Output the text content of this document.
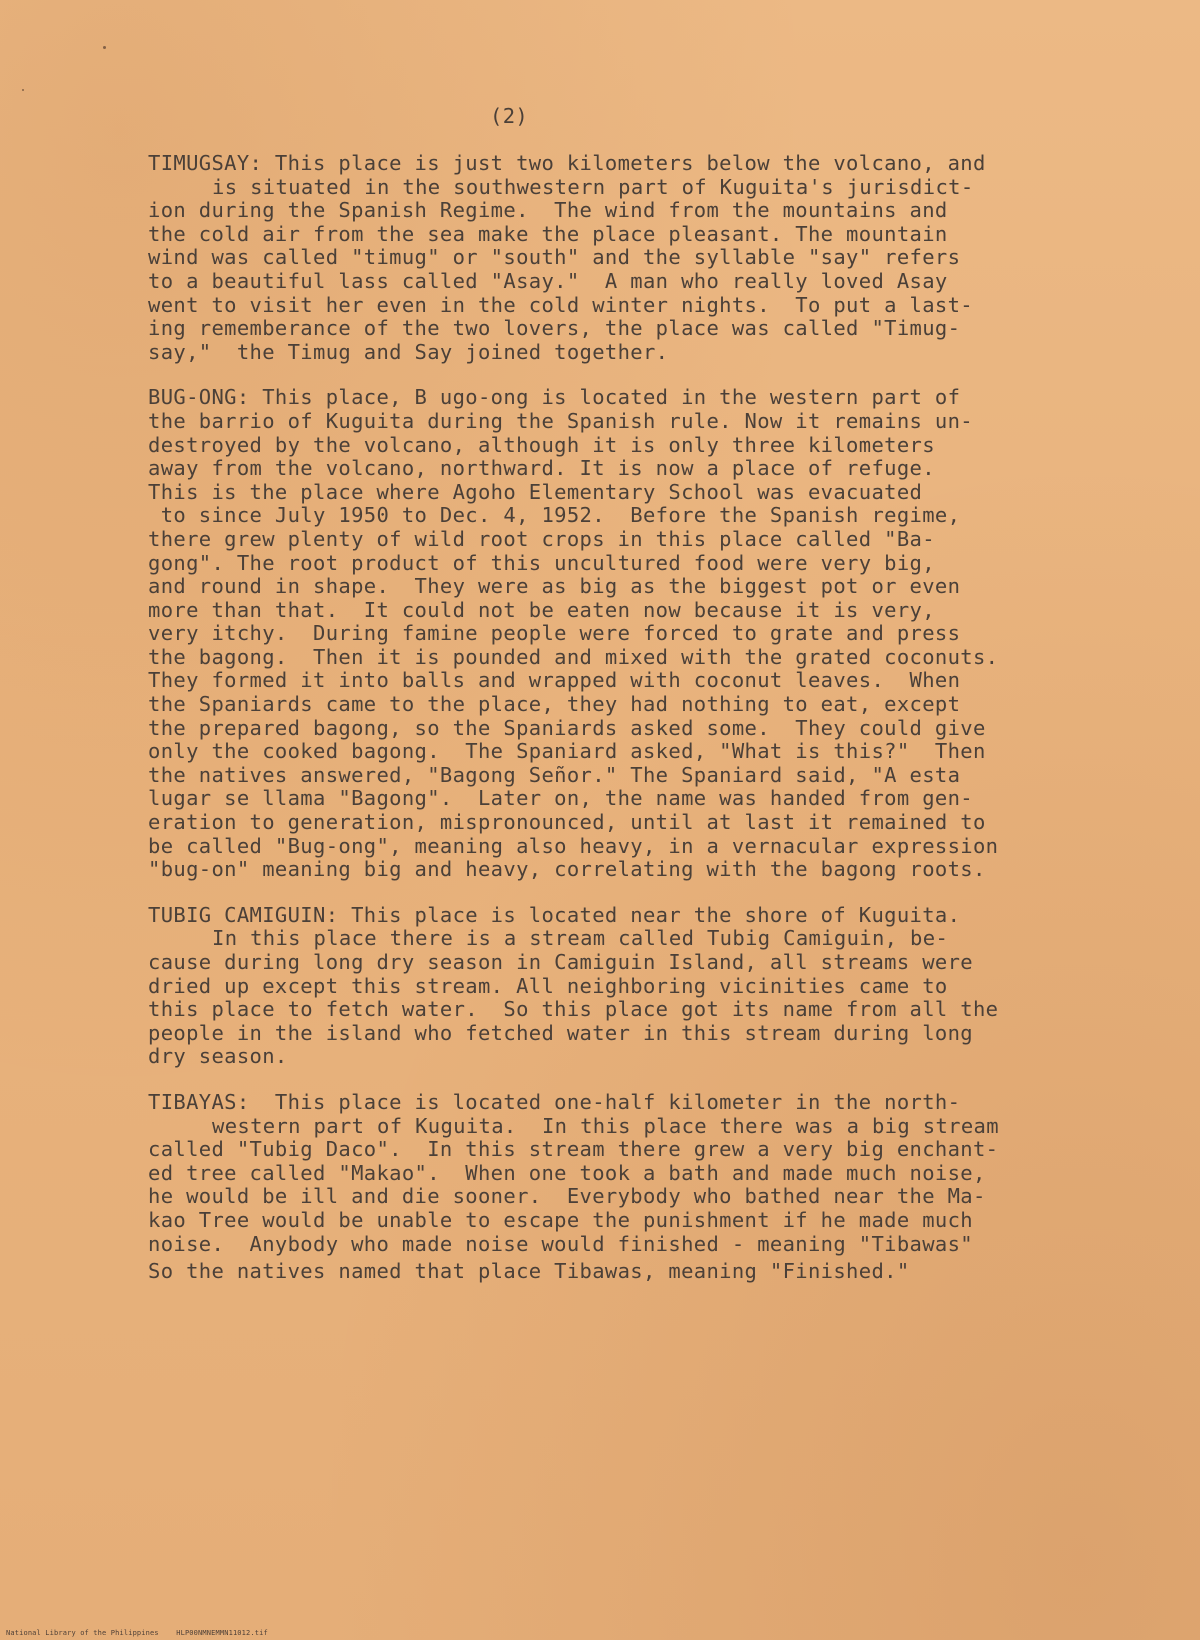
(2)
TIMUGSAY: This place is just two kilometers below the volcano, and
is situated in the southwestern part of Kuguita's jurisdict-
ion during the Spanish Regime.  The wind from the mountains and
the cold air from the sea make the place pleasant. The mountain
wind was called "timug" or "south" and the syllable "say" refers
to a beautiful lass called "Asay."  A man who really loved Asay
went to visit her even in the cold winter nights.  To put a last-
ing rememberance of the two lovers, the place was called "Timug-
say,"  the Timug and Say joined together.
BUG-ONG: This place, B ugo-ong is located in the western part of
the barrio of Kuguita during the Spanish rule. Now it remains un-
destroyed by the volcano, although it is only three kilometers
away from the volcano, northward. It is now a place of refuge.
This is the place where Agoho Elementary School was evacuated
to since July 1950 to Dec. 4, 1952.  Before the Spanish regime,
there grew plenty of wild root crops in this place called "Ba-
gong". The root product of this uncultured food were very big,
and round in shape.  They were as big as the biggest pot or even
more than that.  It could not be eaten now because it is very,
very itchy.  During famine people were forced to grate and press
the bagong.  Then it is pounded and mixed with the grated coconuts.
They formed it into balls and wrapped with coconut leaves.  When
the Spaniards came to the place, they had nothing to eat, except
the prepared bagong, so the Spaniards asked some.  They could give
only the cooked bagong.  The Spaniard asked, "What is this?"  Then
the natives answered, "Bagong Señor." The Spaniard said, "A esta
lugar se llama "Bagong".  Later on, the name was handed from gen-
eration to generation, mispronounced, until at last it remained to
be called "Bug-ong", meaning also heavy, in a vernacular expression
"bug-on" meaning big and heavy, correlating with the bagong roots.
TUBIG CAMIGUIN: This place is located near the shore of Kuguita.
In this place there is a stream called Tubig Camiguin, be-
cause during long dry season in Camiguin Island, all streams were
dried up except this stream. All neighboring vicinities came to
this place to fetch water.  So this place got its name from all the
people in the island who fetched water in this stream during long
dry season.
TIBAYAS:  This place is located one-half kilometer in the north-
western part of Kuguita.  In this place there was a big stream
called "Tubig Daco".  In this stream there grew a very big enchant-
ed tree called "Makao".  When one took a bath and made much noise,
he would be ill and die sooner.  Everybody who bathed near the Ma-
kao Tree would be unable to escape the punishment if he made much
noise.  Anybody who made noise would finished - meaning "Tibawas"
So the natives named that place Tibawas, meaning "Finished."
National Library of the Philippines    HLP00NMNEMMN11012.tif
